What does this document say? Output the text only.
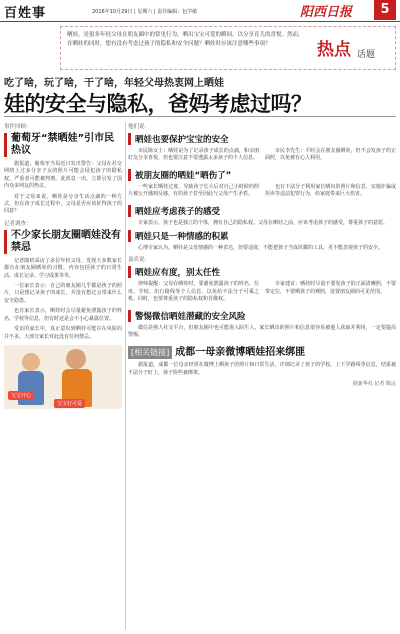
百姓事	2016年10月29日 | 星期六 | 责任编辑：包学敏	阳西日报	5
晒娃，是很多年轻父母在朋友圈中的常见行为，晒出宝宝可爱的瞬间，以分享育儿的喜悦。然而，在晒娃的同时，您有没有考虑过孩子的隐私和安全问题？晒娃时应该注意哪些事项？	热点 话题
吃了啥，玩了啥，干了啥，年轻父母热衷网上晒娃
娃的安全与隐私，爸妈考虑过吗？
事件回顾：
葡萄牙“禁晒娃”引市民热议

据报道，葡萄牙当局近日发出警告：父母在社交网络上过多分享子女的照片可能会侵犯孩子的隐私权，严重者可能被判刑。此消息一出，立即引发了国内众多网友的热议。

对于父母来说，晒娃是分享生活点滴的一种方式，但在孩子成长过程中，父母是否应该征得孩子的同意？

记者调查：
不少家长朋友圈晒娃没有禁忌

记者随机采访了多位年轻父母，发现大多数家长都有在朋友圈晒娃的习惯，内容包括孩子的日常生活、成长记录、学习成果等等。

一位家长表示：自己的朋友圈几乎都是孩子的照片，只是想记录孩子的成长，并没有想过会带来什么安全隐患。

也有家长表示，晒娃时会尽量避免泄露孩子的姓名、学校等信息，但有时还是会不小心暴露位置。

受访的家长中，真正意识到晒娃可能存在风险的并不多，大部分家长对此没有任何禁忌。

宝宝开心
宝宝好可爱
他们说：
晒娃也要保护宝宝的安全

市民陈女士：晒娃是为了记录孩子成长的点滴，和亲朋好友分享喜悦，但也要注意不要透露太多孩子的个人信息。

市民李先生：平时会在朋友圈晒娃，但不会发孩子的正面照，以免被有心人利用。

被朋友圈的晒娃“晒伤了”

一些家长晒娃过度，导致孩子长大后对自己小时候的照片被公开感到反感，有的孩子甚至因此与父母产生矛盾。

也有不法分子利用家长晒出的照片和信息，实施诈骗或拐卖等违法犯罪行为，给家庭带来巨大伤害。

晒娃应考虑孩子的感受

专家表示，孩子也是独立的个体，拥有自己的隐私权。父母在晒娃之前，应该考虑孩子的感受，尊重孩子的意愿。

晒娃只是一种情感的积累

心理专家认为，晒娃是父母情感的一种表达，但要适度，不能把孩子当成炫耀的工具，更不能忽视孩子的安全。

嘉宾说：
晒娃应有度，别太任性

律师提醒：父母在晒娃时，要避免泄露孩子的姓名、住址、学校、出行路线等个人信息，以免给不法分子可乘之机。同时，也要尊重孩子的隐私权和肖像权。

专家建议：晒娃时尽量不要发孩子的正面清晰照，不要带定位，不要晒孩子的裸照，设置朋友圈的可见范围。

警惕微信晒娃潜藏的安全风险

微信是熟人社交平台，但朋友圈中也可能混入陌生人，家长晒出的照片和信息很容易被他人获取并利用，一定要提高警惕。

[相关链接] 成都一母亲微博晒娃招来绑匪

据报道，成都一位母亲经常在微博上晒孩子的照片和日常生活，详细记录了孩子的学校、上下学路线等信息，结果被不法分子盯上，孩子险些被绑架。

据新华社 记者 陈远
